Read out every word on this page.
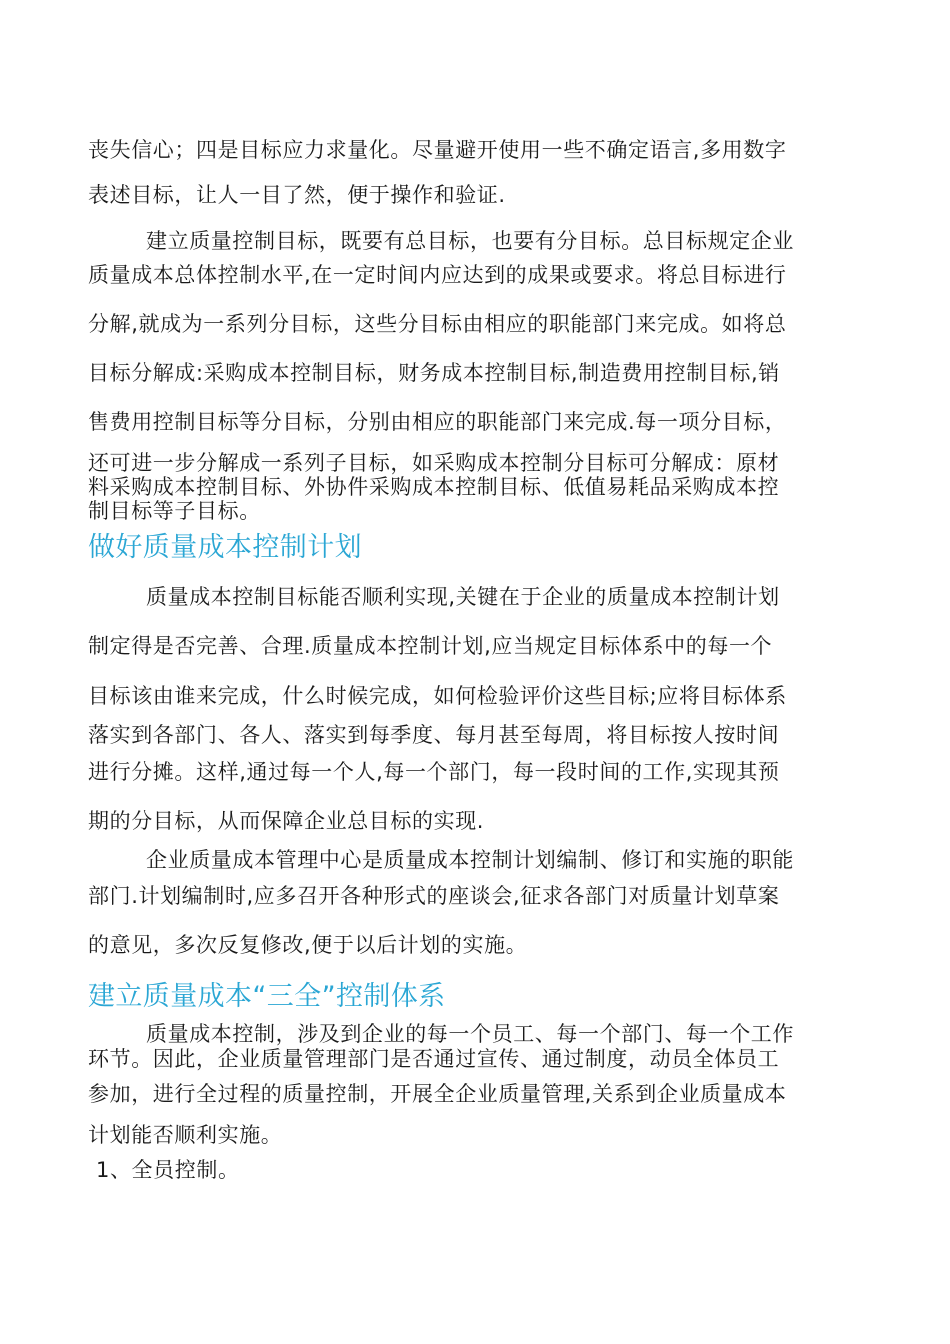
丧失信心；四是目标应力求量化。尽量避开使用一些不确定语言,多用数字
表述目标，让人一目了然，便于操作和验证.
建立质量控制目标，既要有总目标，也要有分目标。总目标规定企业
质量成本总体控制水平,在一定时间内应达到的成果或要求。将总目标进行
分解,就成为一系列分目标，这些分目标由相应的职能部门来完成。如将总
目标分解成:采购成本控制目标，财务成本控制目标,制造费用控制目标,销
售费用控制目标等分目标，分别由相应的职能部门来完成.每一项分目标，
还可进一步分解成一系列子目标，如采购成本控制分目标可分解成：原材
料采购成本控制目标、外协件采购成本控制目标、低值易耗品采购成本控
制目标等子目标。
做好质量成本控制计划
质量成本控制目标能否顺利实现,关键在于企业的质量成本控制计划
制定得是否完善、合理.质量成本控制计划,应当规定目标体系中的每一个
目标该由谁来完成，什么时候完成，如何检验评价这些目标;应将目标体系
落实到各部门、各人、落实到每季度、每月甚至每周，将目标按人按时间
进行分摊。这样,通过每一个人,每一个部门，每一段时间的工作,实现其预
期的分目标，从而保障企业总目标的实现.
企业质量成本管理中心是质量成本控制计划编制、修订和实施的职能
部门.计划编制时,应多召开各种形式的座谈会,征求各部门对质量计划草案
的意见，多次反复修改,便于以后计划的实施。
建立质量成本“三全”控制体系
质量成本控制，涉及到企业的每一个员工、每一个部门、每一个工作
环节。因此，企业质量管理部门是否通过宣传、通过制度，动员全体员工
参加，进行全过程的质量控制，开展全企业质量管理,关系到企业质量成本
计划能否顺利实施。
1、全员控制。
